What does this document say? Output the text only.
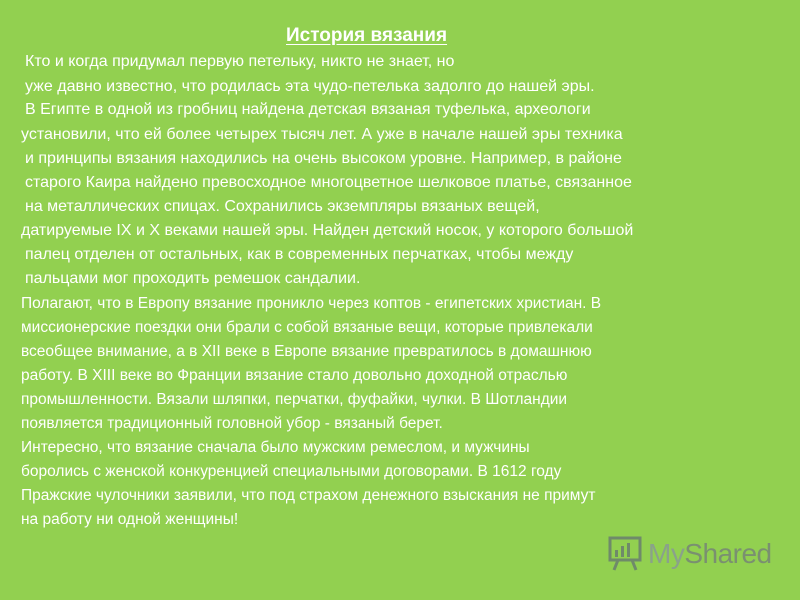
История вязания
Кто и когда придумал первую петельку, никто не знает, но
уже давно известно, что родилась эта чудо-петелька задолго до нашей эры.
В Египте в одной из гробниц найдена детская вязаная туфелька, археологи
установили, что ей более четырех тысяч лет. А уже в начале нашей эры техника
и принципы вязания находились на очень высоком уровне. Например, в районе
старого Каира найдено превосходное многоцветное шелковое платье, связанное
на металлических спицах. Сохранились экземпляры вязаных вещей,
датируемые IX и X веками нашей эры. Найден детский носок, у которого большой
палец отделен от остальных, как в современных перчатках, чтобы между
пальцами мог проходить ремешок сандалии.
Полагают, что в Европу вязание проникло через коптов - египетских христиан. В
миссионерские поездки они брали с собой вязаные вещи, которые привлекали
всеобщее внимание, а в XII веке в Европе вязание превратилось в домашнюю
работу. В XIII веке во Франции вязание стало довольно доходной отраслью
промышленности. Вязали шляпки, перчатки, фуфайки, чулки. В Шотландии
появляется традиционный головной убор - вязаный берет.
Интересно, что вязание сначала было мужским ремеслом, и мужчины
боролись с женской конкуренцией специальными договорами. В 1612 году
Пражские чулочники заявили, что под страхом денежного взыскания не примут
на работу ни одной женщины!
MyShared
